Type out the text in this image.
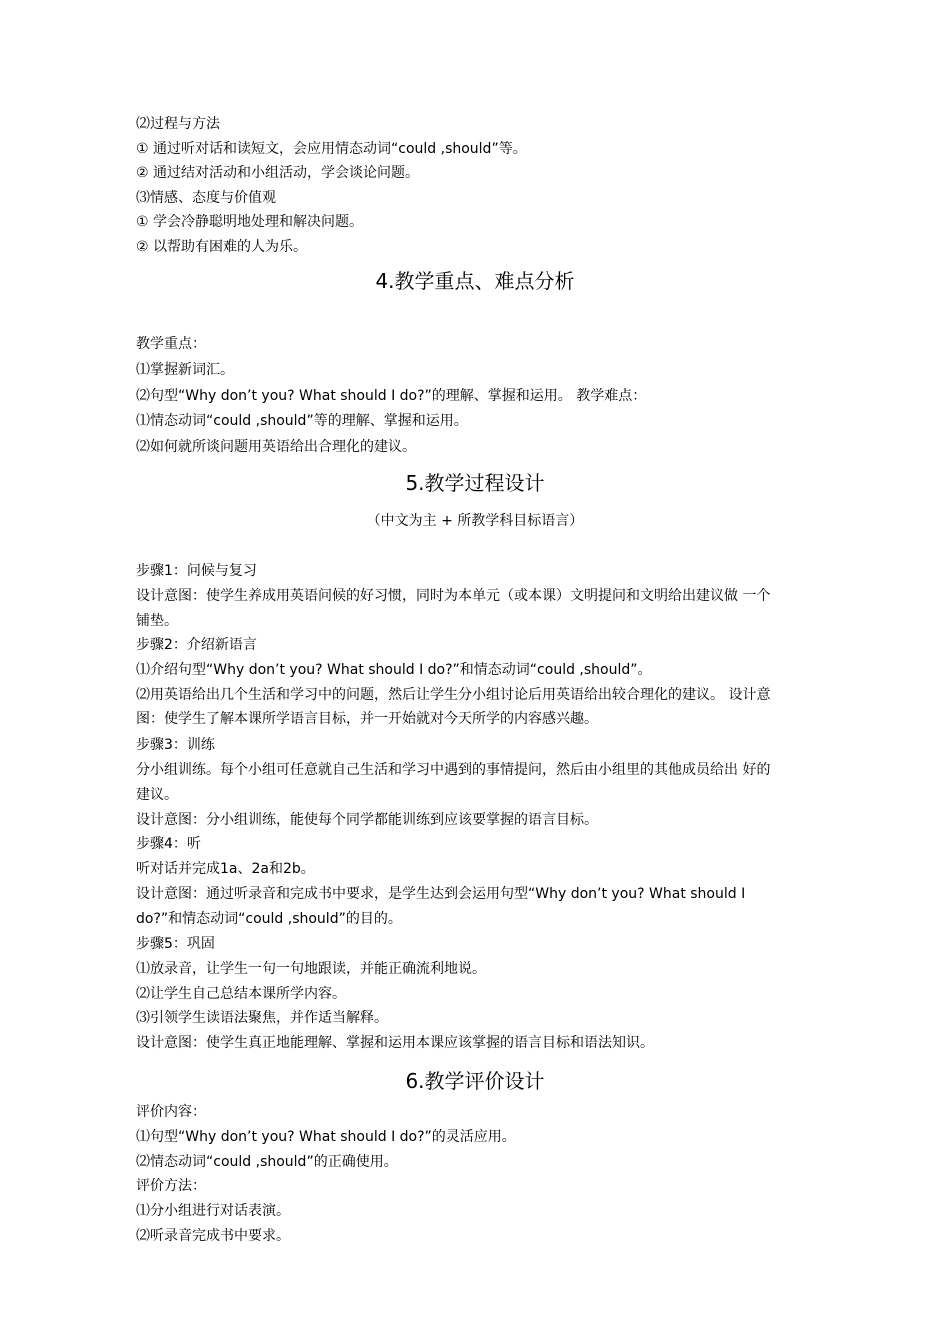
⑵过程与方法
① 通过听对话和读短文，会应用情态动词“could ,should”等。
② 通过结对活动和小组活动，学会谈论问题。
⑶情感、态度与价值观
① 学会冷静聪明地处理和解决问题。
② 以帮助有困难的人为乐。
4.教学重点、难点分析
教学重点：
⑴掌握新词汇。
⑵句型“Why don’t you? What should I do?”的理解、掌握和运用。 教学难点：
⑴情态动词“could ,should”等的理解、掌握和运用。
⑵如何就所谈问题用英语给出合理化的建议。
5.教学过程设计
（中文为主 + 所教学科目标语言）
步骤1：问候与复习
设计意图：使学生养成用英语问候的好习惯，同时为本单元（或本课）文明提问和文明给出建议做 一个
铺垫。
步骤2：介绍新语言
⑴介绍句型“Why don’t you? What should I do?”和情态动词“could ,should”。
⑵用英语给出几个生活和学习中的问题，然后让学生分小组讨论后用英语给出较合理化的建议。 设计意
图：使学生了解本课所学语言目标，并一开始就对今天所学的内容感兴趣。
步骤3：训练
分小组训练。每个小组可任意就自己生活和学习中遇到的事情提问，然后由小组里的其他成员给出 好的
建议。
设计意图：分小组训练，能使每个同学都能训练到应该要掌握的语言目标。
步骤4：听
听对话并完成1a、2a和2b。
设计意图：通过听录音和完成书中要求，是学生达到会运用句型“Why don’t you? What should I
do?”和情态动词“could ,should”的目的。
步骤5：巩固
⑴放录音，让学生一句一句地跟读，并能正确流利地说。
⑵让学生自己总结本课所学内容。
⑶引领学生读语法聚焦，并作适当解释。
设计意图：使学生真正地能理解、掌握和运用本课应该掌握的语言目标和语法知识。
6.教学评价设计
评价内容：
⑴句型“Why don’t you? What should I do?”的灵活应用。
⑵情态动词“could ,should”的正确使用。
评价方法：
⑴分小组进行对话表演。
⑵听录音完成书中要求。
